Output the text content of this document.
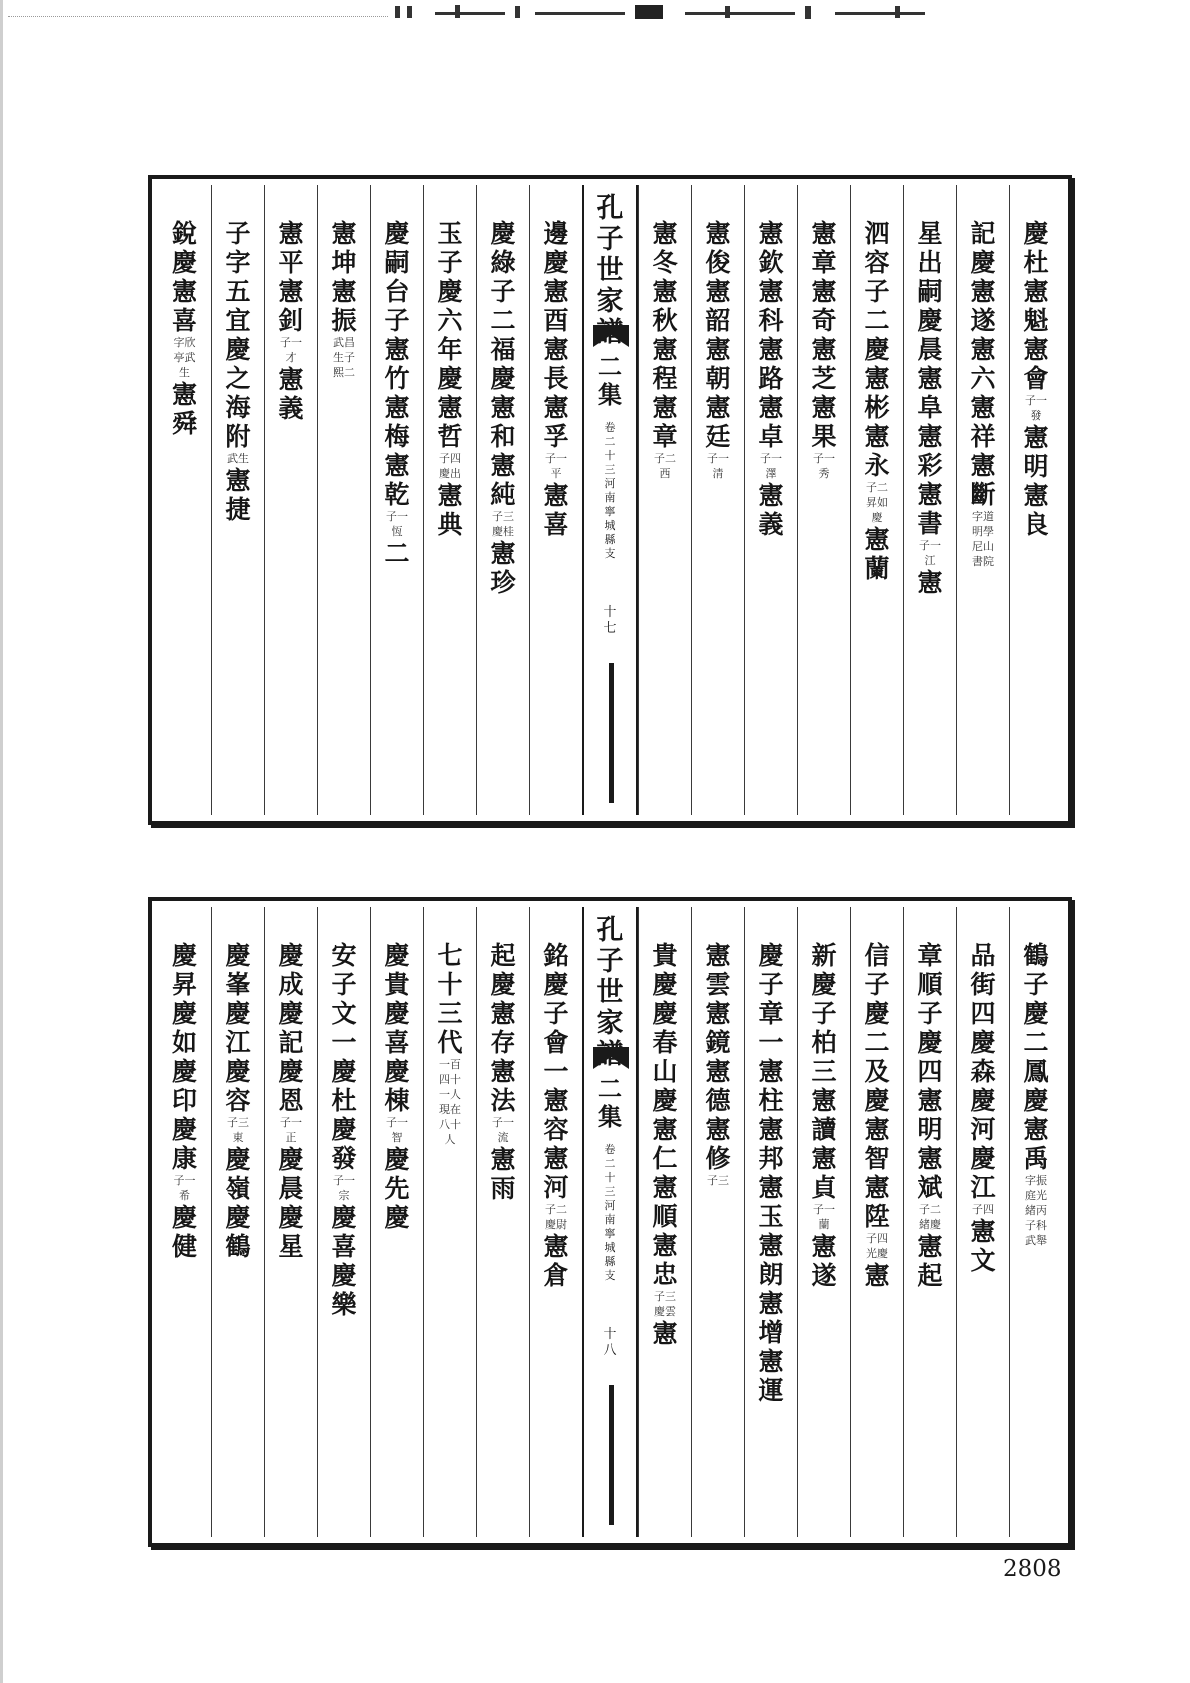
慶杜憲魁憲會
子一發
憲明憲良
記慶憲遂憲六憲祥憲斷
字道明學尼山書院
星出嗣慶晨憲阜憲彩憲書
子一江
憲
泗容子二慶憲彬憲永
子二昇如慶
憲蘭
憲章憲奇憲芝憲果
子一秀
憲欽憲科憲路憲卓
子一澤
憲義
憲俊憲韶憲朝憲廷
子一清
憲冬憲秋憲程憲章
子二西
孔子世家
二集
卷二十三 河南寧城縣支
十七
邊慶憲酉憲長憲孚
子一平
憲喜
慶綠子二福慶憲和憲純
子三慶桂
憲珍
玉子慶六年慶憲哲
子四慶出
憲典
慶嗣台子憲竹憲梅憲乾
子一恆
二
憲坤憲振
武昌生子熙二
憲平憲釗
子一才
憲義
子字五宜慶之海附
武生
憲捷
銳慶憲喜
字欣亭武生
憲舜
鶴子慶二鳳慶憲禹
字振庭光緒丙子科武舉
品街四慶森慶河慶江
子四
憲文
章順子慶四憲明憲斌
子二緒慶
憲起
信子慶二及慶憲智憲陞
子四光慶
憲
新慶子柏三憲讀憲貞
子一蘭
憲遂
慶子章一憲柱憲邦憲玉憲朗
憲增憲運
憲雲憲鏡憲德憲修
子三
貴慶慶春山慶憲仁憲順憲忠
子三慶雲
憲
孔子世家
二集
卷二十三 河南寧城縣支
十八
銘慶子會一憲容憲河
子二慶尉
憲倉
起慶憲存憲法
子一流
憲雨
七十三代
一百四十一人 現在八十人
慶貴慶喜慶棟
子一智
慶先慶
安子文一慶杜慶發
子一宗
慶喜慶樂
慶成慶記慶恩
子一正
慶晨慶星
慶峯慶江慶容
子三東
慶嶺慶鶴
慶昇慶如慶印慶康
子一希
慶健
2808
